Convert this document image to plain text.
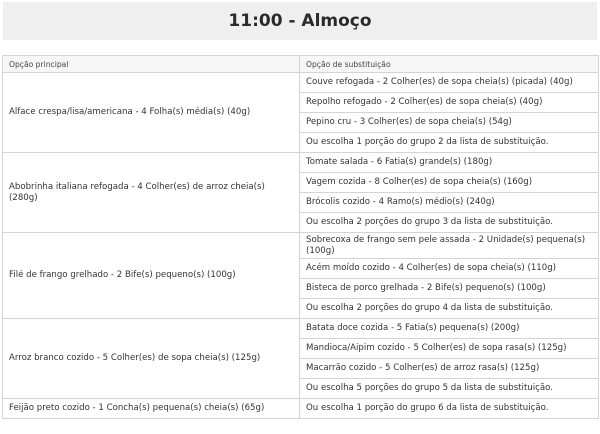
11:00 - Almoço
Opção principal	Opção de substituição
Alface crespa/lisa/americana - 4 Folha(s) média(s) (40g)	Couve refogada - 2 Colher(es) de sopa cheia(s) (picada) (40g)
	Repolho refogado - 2 Colher(es) de sopa cheia(s) (40g)
	Pepino cru - 3 Colher(es) de sopa cheia(s) (54g)
	Ou escolha 1 porção do grupo 2 da lista de substituição.
Abobrinha italiana refogada - 4 Colher(es) de arroz cheia(s) (280g)	Tomate salada - 6 Fatia(s) grande(s) (180g)
	Vagem cozida - 8 Colher(es) de sopa cheia(s) (160g)
	Brócolis cozido - 4 Ramo(s) médio(s) (240g)
	Ou escolha 2 porções do grupo 3 da lista de substituição.
Filé de frango grelhado - 2 Bife(s) pequeno(s) (100g)	Sobrecoxa de frango sem pele assada - 2 Unidade(s) pequena(s) (100g)
	Acém moído cozido - 4 Colher(es) de sopa cheia(s) (110g)
	Bisteca de porco grelhada - 2 Bife(s) pequeno(s) (100g)
	Ou escolha 2 porções do grupo 4 da lista de substituição.
Arroz branco cozido - 5 Colher(es) de sopa cheia(s) (125g)	Batata doce cozida - 5 Fatia(s) pequena(s) (200g)
	Mandioca/Aipim cozido - 5 Colher(es) de sopa rasa(s) (125g)
	Macarrão cozido - 5 Colher(es) de arroz rasa(s) (125g)
	Ou escolha 5 porções do grupo 5 da lista de substituição.
Feijão preto cozido - 1 Concha(s) pequena(s) cheia(s) (65g)	Ou escolha 1 porção do grupo 6 da lista de substituição.
